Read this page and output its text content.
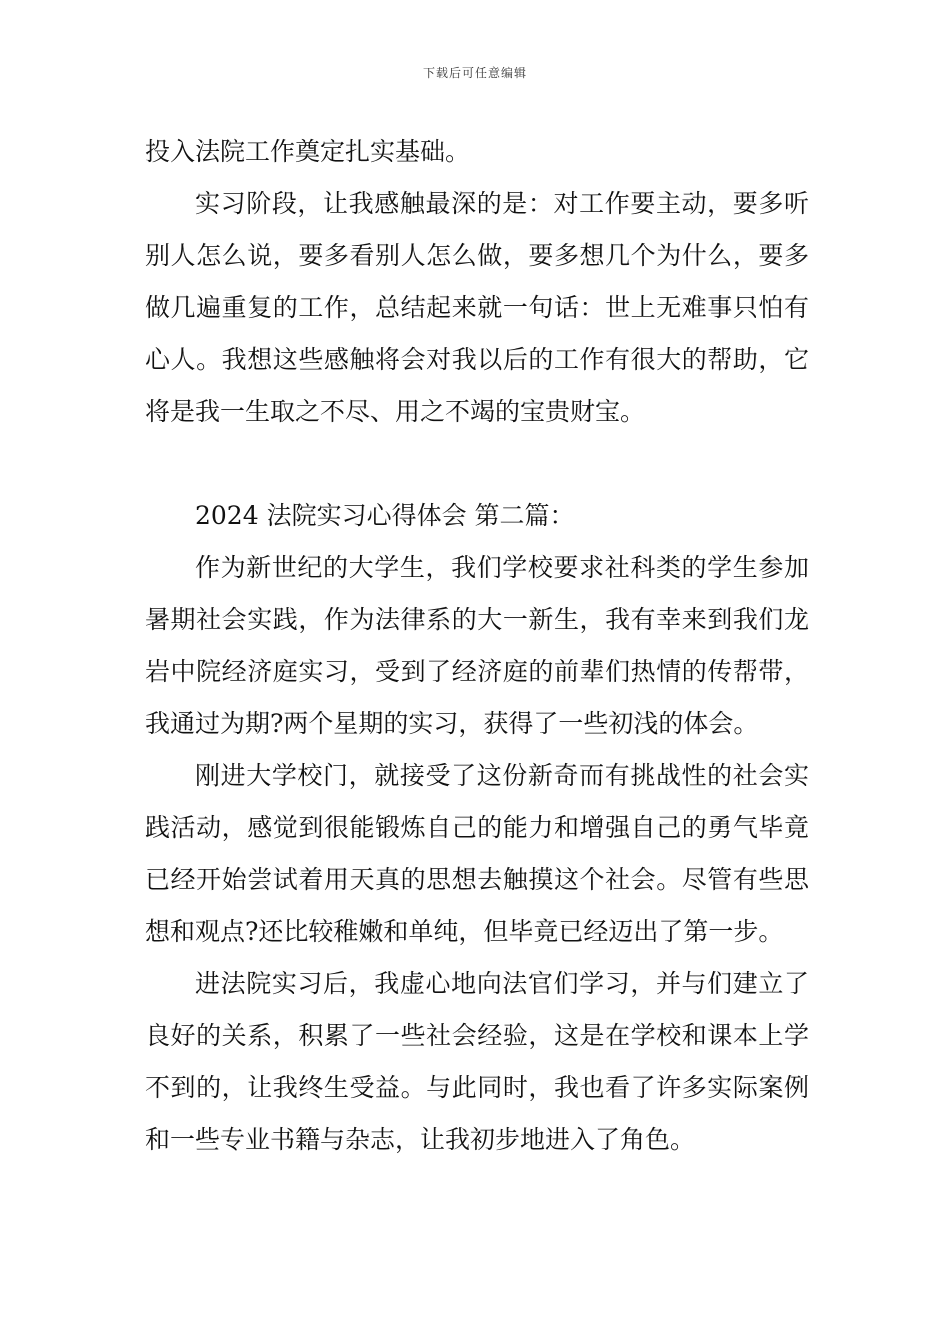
下载后可任意编辑

投入法院工作奠定扎实基础。

实习阶段，让我感触最深的是：对工作要主动，要多听别人怎么说，要多看别人怎么做，要多想几个为什么，要多做几遍重复的工作，总结起来就一句话：世上无难事只怕有心人。我想这些感触将会对我以后的工作有很大的帮助，它将是我一生取之不尽、用之不竭的宝贵财宝。

2024 法院实习心得体会 第二篇：

作为新世纪的大学生，我们学校要求社科类的学生参加暑期社会实践，作为法律系的大一新生，我有幸来到我们龙岩中院经济庭实习，受到了经济庭的前辈们热情的传帮带，我通过为期?两个星期的实习，获得了一些初浅的体会。

刚进大学校门，就接受了这份新奇而有挑战性的社会实践活动，感觉到很能锻炼自己的能力和增强自己的勇气毕竟已经开始尝试着用天真的思想去触摸这个社会。尽管有些思想和观点?还比较稚嫩和单纯，但毕竟已经迈出了第一步。

进法院实习后，我虚心地向法官们学习，并与们建立了良好的关系，积累了一些社会经验，这是在学校和课本上学不到的，让我终生受益。与此同时，我也看了许多实际案例和一些专业书籍与杂志，让我初步地进入了角色。
